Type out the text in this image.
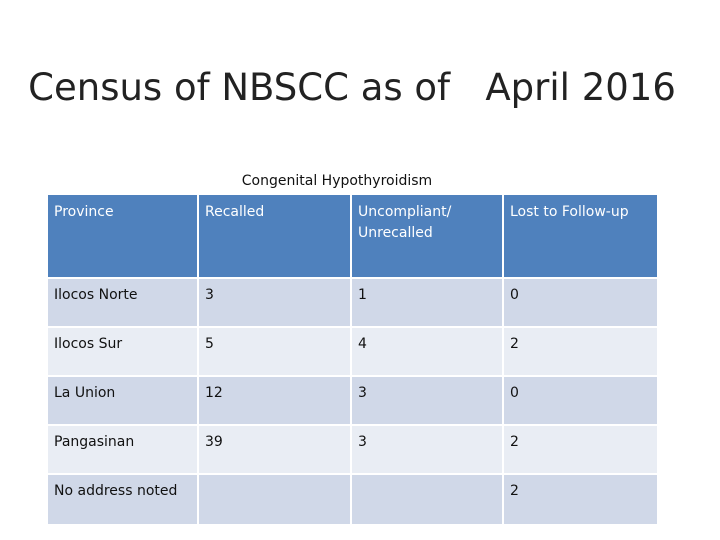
Census of NBSCC as of   April 2016
Congenital Hypothyroidism
Province	Recalled	Uncompliant/ Unrecalled	Lost to Follow-up
Ilocos Norte	3	1	0
Ilocos Sur	5	4	2
La Union	12	3	0
Pangasinan	39	3	2
No address noted			2
